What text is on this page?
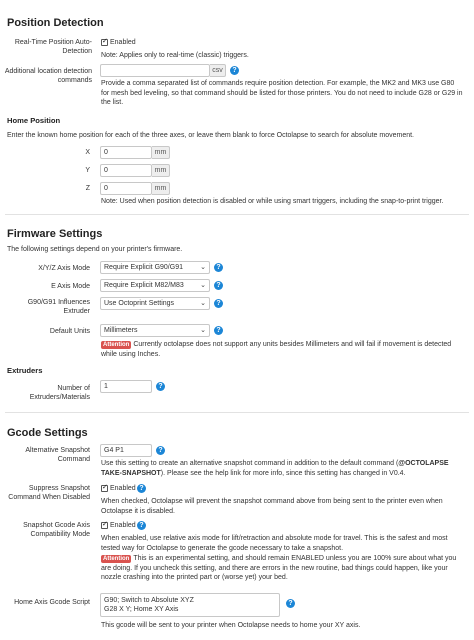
Position Detection
Real-Time Position Auto-Detection
✓
Enabled
Note: Applies only to real-time (classic) triggers.
Additional location detection commands
csv	?
Provide a comma separated list of commands require position detection. For example, the MK2 and MK3 use G80 for mesh bed leveling, so that command should be listed for those printers. You do not need to include G28 or G29 in the list.
Home Position
Enter the known home position for each of the three axes, or leave them blank to force Octolapse to search for absolute movement.
X	0	mm
Y	0	mm
Z	0	mm
Note: Used when position detection is disabled or while using smart triggers, including the snap-to-print trigger.
Firmware Settings
The following settings depend on your printer's firmware.
X/Y/Z Axis Mode	Require Explicit G90/G91 ⌄	?
E Axis Mode	Require Explicit M82/M83 ⌄	?
G90/G91 Influences Extruder
Use Octoprint Settings	⌄	?
Default Units	Millimeters	⌄	?
Attention Currently octolapse does not support any units besides Millimeters and will fail if movement is detected while using Inches.
Extruders
Number of Extruders/Materials
1	?
Gcode Settings
Alternative Snapshot Command
G4 P1	?
Use this setting to create an alternative snapshot command in addition to the default command (@OCTOLAPSE TAKE-SNAPSHOT). Please see the help link for more info, since this setting has changed in V0.4.
Suppress Snapshot Command When Disabled
✓
Enabled ?
When checked, Octolapse will prevent the snapshot command above from being sent to the printer even when Octolapse it is disabled.
Snapshot Gcode Axis Compatibility Mode
✓
Enabled ?
When enabled, use relative axis mode for lift/retraction and absolute mode for travel. This is the safest and most tested way for Octolapse to generate the gcode necessary to take a snapshot.
Attention This is an experimental setting, and should remain ENABLED unless you are 100% sure about what you are doing. If you uncheck this setting, and there are errors in the new routine, bad things could happen, like your nozzle crashing into the printed part or (worse yet) your bed.
Home Axis Gcode Script	G90; Switch to Absolute XYZ
G28 X Y; Home XY Axis
?
This gcode will be sent to your printer when Octolapse needs to home your XY axis.
